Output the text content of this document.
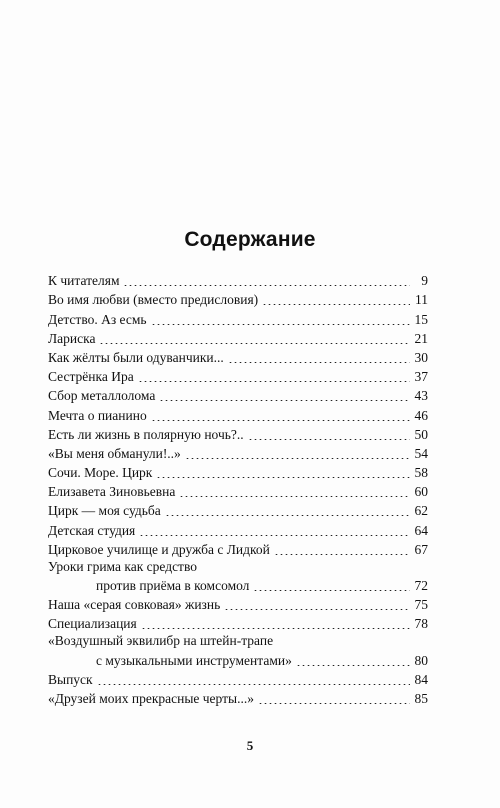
Содержание
К читателям	9
Во имя любви (вместо предисловия)	11
Детство. Аз есмь	15
Лариска	21
Как жёлты были одуванчики...	30
Сестрёнка Ира	37
Сбор металлолома	43
Мечта о пианино	46
Есть ли жизнь в полярную ночь?..	50
«Вы меня обманули!..»	54
Сочи. Море. Цирк	58
Елизавета Зиновьевна	60
Цирк — моя судьба	62
Детская студия	64
Цирковое училище и дружба с Лидкой	67
Уроки грима как средство
против приёма в комсомол	72
Наша «серая совковая» жизнь	75
Специализация	78
«Воздушный эквилибр на штейн-трапе
с музыкальными инструментами»	80
Выпуск	84
«Друзей моих прекрасные черты...»	85
5
